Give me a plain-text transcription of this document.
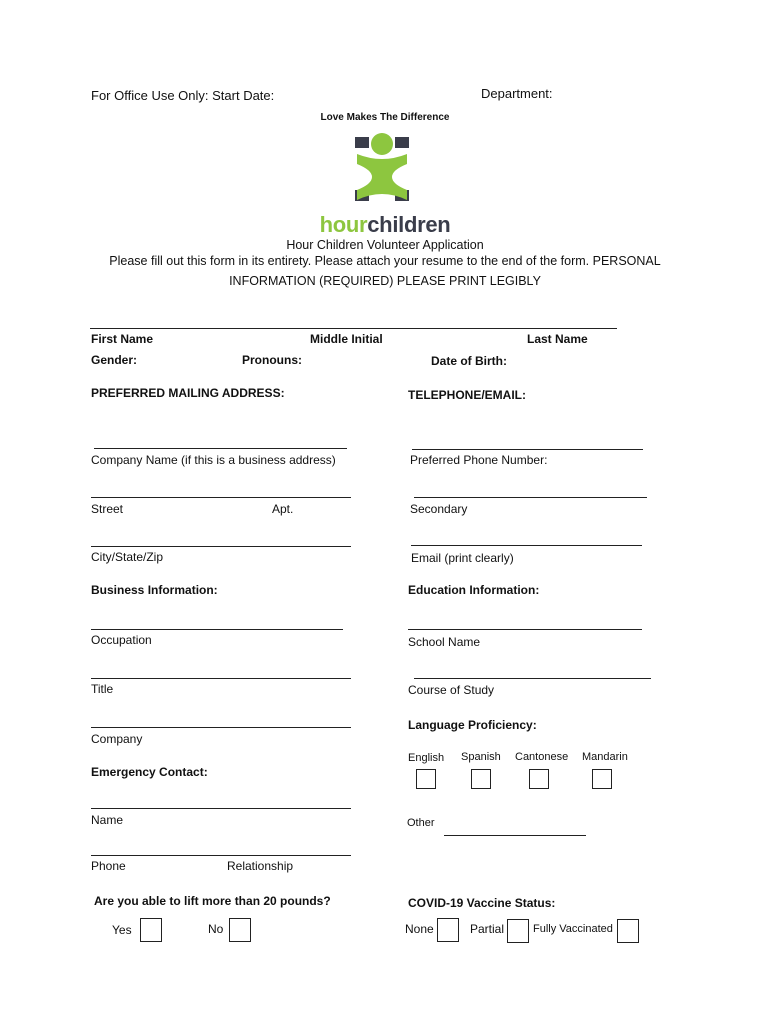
For Office Use Only: Start Date:	Department:
Love Makes The Difference
hourchildren
Hour Children Volunteer Application
Please fill out this form in its entirety. Please attach your resume to the end of the form. PERSONAL
INFORMATION (REQUIRED) PLEASE PRINT LEGIBLY
First Name	Middle Initial	Last Name
Gender:	Pronouns:	Date of Birth:
PREFERRED MAILING ADDRESS:	TELEPHONE/EMAIL:
Company Name (if this is a business address)
Street	Apt.
City/State/Zip
Preferred Phone Number:
Secondary
Email (print clearly)
Business Information:	Education Information:
Occupation
Title
Company
School Name
Course of Study
Language Proficiency:
English Spanish Cantonese Mandarin
Other
Emergency Contact:
Name
Phone	Relationship
Are you able to lift more than 20 pounds?
Yes	No
COVID-19 Vaccine Status:
None	Partial	Fully Vaccinated
